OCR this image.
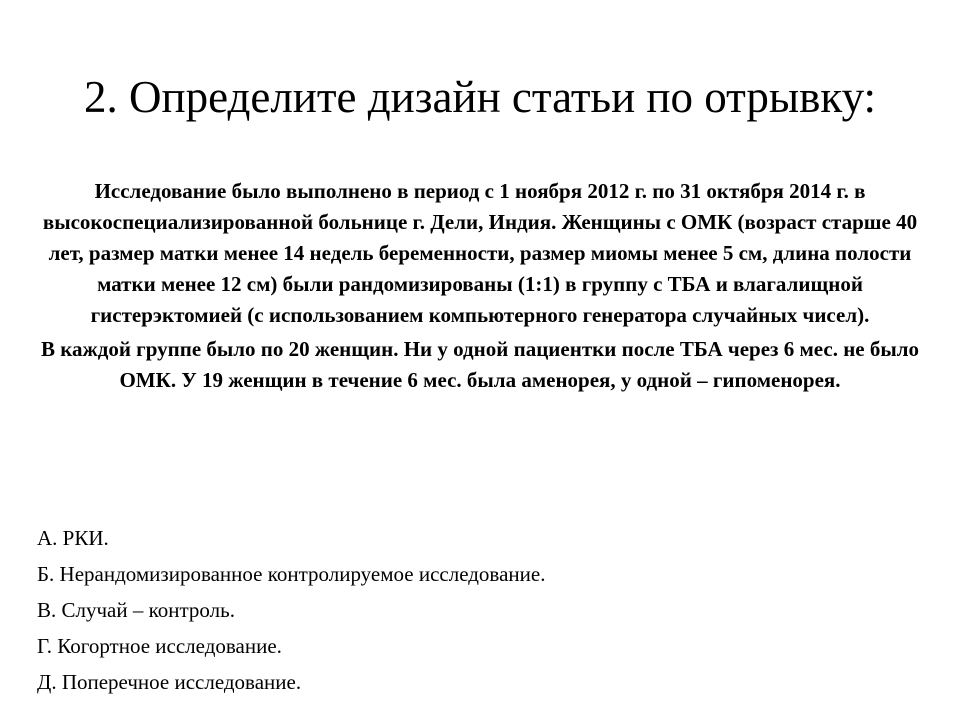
2. Определите дизайн статьи по отрывку:

Исследование было выполнено в период с 1 ноября 2012 г. по 31 октября 2014 г. в высокоспециализированной больнице г. Дели, Индия. Женщины с ОМК (возраст старше 40 лет, размер матки менее 14 недель беременности, размер миомы менее 5 см, длина полости матки менее 12 см) были рандомизированы (1:1) в группу с ТБА и влагалищной гистерэктомией (с использованием компьютерного генератора случайных чисел).

В каждой группе было по 20 женщин. Ни у одной пациентки после ТБА через 6 мес. не было ОМК. У 19 женщин в течение 6 мес. была аменорея, у одной – гипоменорея.

А. РКИ.
Б. Нерандомизированное контролируемое исследование.
В. Случай – контроль.
Г. Когортное исследование.
Д. Поперечное исследование.
